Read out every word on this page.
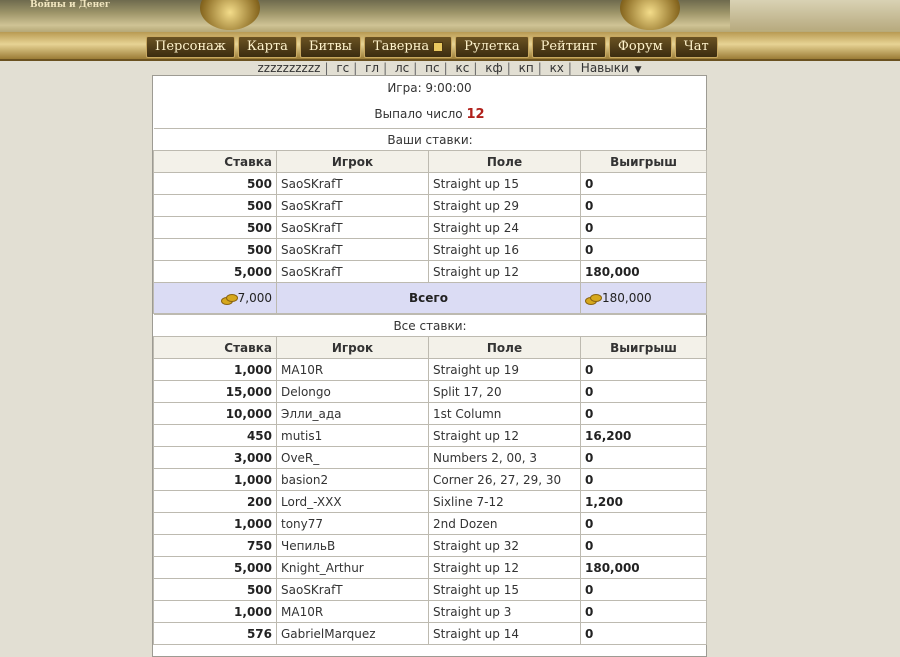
Войны и Денег
Персонаж	Карта	Битвы	Таверна	Рулетка	Рейтинг	Форум	Чат
zzzzzzzzzz | гс | гл | лс | пс | кс | кф | кп | кх | Навыки ▼
Игра: 9:00:00
Выпало число 12
Ваши ставки:			
Ставка	Игрок	Поле	Выигрыш
500	SaoSKrafT	Straight up 15	0
500	SaoSKrafT	Straight up 29	0
500	SaoSKrafT	Straight up 24	0
500	SaoSKrafT	Straight up 16	0
5,000	SaoSKrafT	Straight up 12	180,000
7,000	Всего		180,000
Все ставки:			
Ставка	Игрок	Поле	Выигрыш
1,000	MA10R	Straight up 19	0
15,000	Delongo	Split 17, 20	0
10,000	Элли_ада	1st Column	0
450	mutis1	Straight up 12	16,200
3,000	OveR_	Numbers 2, 00, 3	0
1,000	basion2	Corner 26, 27, 29, 30	0
200	Lord_-XXX	Sixline 7-12	1,200
1,000	tony77	2nd Dozen	0
750	ЧепильВ	Straight up 32	0
5,000	Knight_Arthur	Straight up 12	180,000
500	SaoSKrafT	Straight up 15	0
1,000	MA10R	Straight up 3	0
576	GabrielMarquez	Straight up 14	0
